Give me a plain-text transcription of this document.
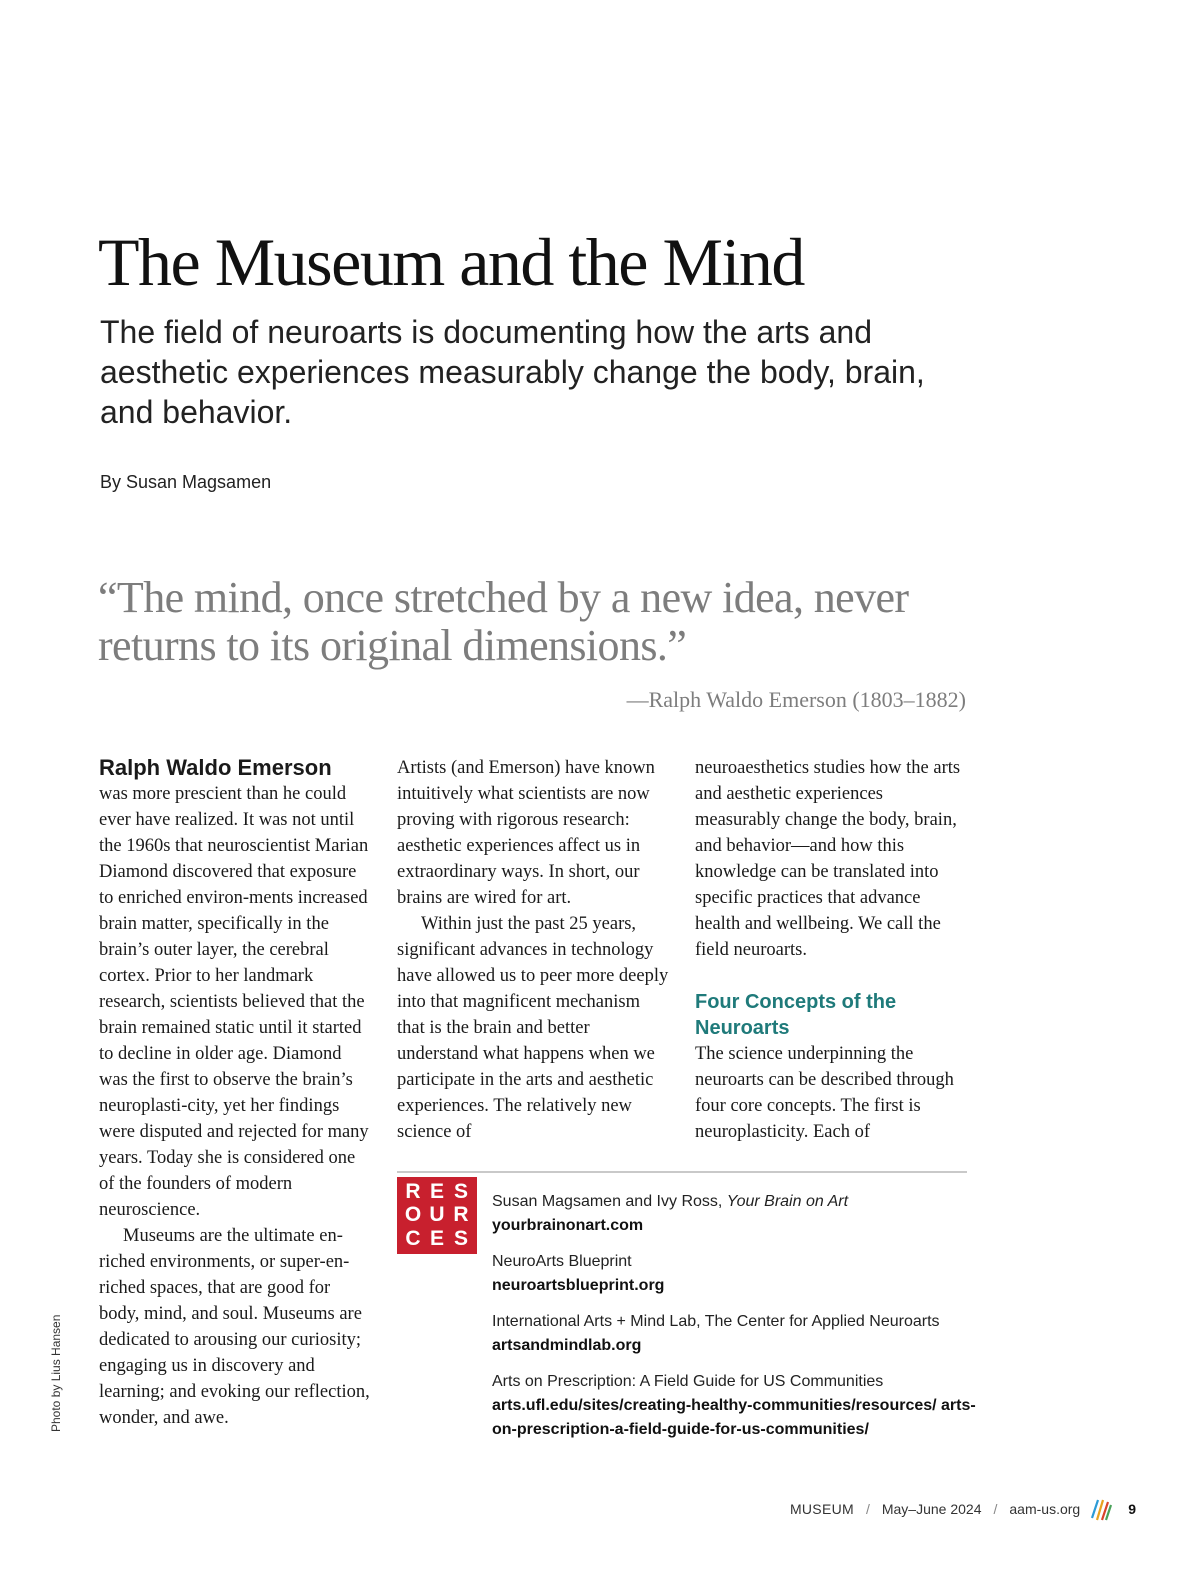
The Museum and the Mind
The field of neuroarts is documenting how the arts and aesthetic experiences measurably change the body, brain, and behavior.
By Susan Magsamen
“The mind, once stretched by a new idea, never returns to its original dimensions.”
—Ralph Waldo Emerson (1803–1882)

Ralph Waldo Emerson
was more prescient than he could ever have realized. It was not until the 1960s that neuroscientist Marian Diamond discovered that exposure to enriched environ-ments increased brain matter, specifically in the brain’s outer layer, the cerebral cortex. Prior to her landmark research, scientists believed that the brain remained static until it started to decline in older age. Diamond was the first to observe the brain’s neuroplasti-city, yet her findings were disputed and rejected for many years. Today she is considered one of the founders of modern neuroscience.

Museums are the ultimate en-riched environments, or super-en-riched spaces, that are good for body, mind, and soul. Museums are dedicated to arousing our curiosity; engaging us in discovery and learning; and evoking our reflection, wonder, and awe.

Artists (and Emerson) have known intuitively what scientists are now proving with rigorous research: aesthetic experiences affect us in extraordinary ways. In short, our brains are wired for art.

Within just the past 25 years, significant advances in technology have allowed us to peer more deeply into that magnificent mechanism that is the brain and better understand what happens when we participate in the arts and aesthetic experiences. The relatively new science of

neuroaesthetics studies how the arts and aesthetic experiences measurably change the body, brain, and behavior—and how this knowledge can be translated into specific practices that advance health and wellbeing. We call the field neuroarts.

Four Concepts of the Neuroarts

The science underpinning the neuroarts can be described through four core concepts. The first is neuroplasticity. Each of

R E S
O U R
C E S
Susan Magsamen and Ivy Ross, Your Brain on Art
yourbrainonart.com
NeuroArts Blueprint
neuroartsblueprint.org
International Arts + Mind Lab, The Center for Applied Neuroarts
artsandmindlab.org
Arts on Prescription: A Field Guide for US Communities
arts.ufl.edu/sites/creating-healthy-communities/resources/ arts-on-prescription-a-field-guide-for-us-communities/
Photo by Lius Hansen
MUSEUM / May–June 2024 / aam-us.org	9
